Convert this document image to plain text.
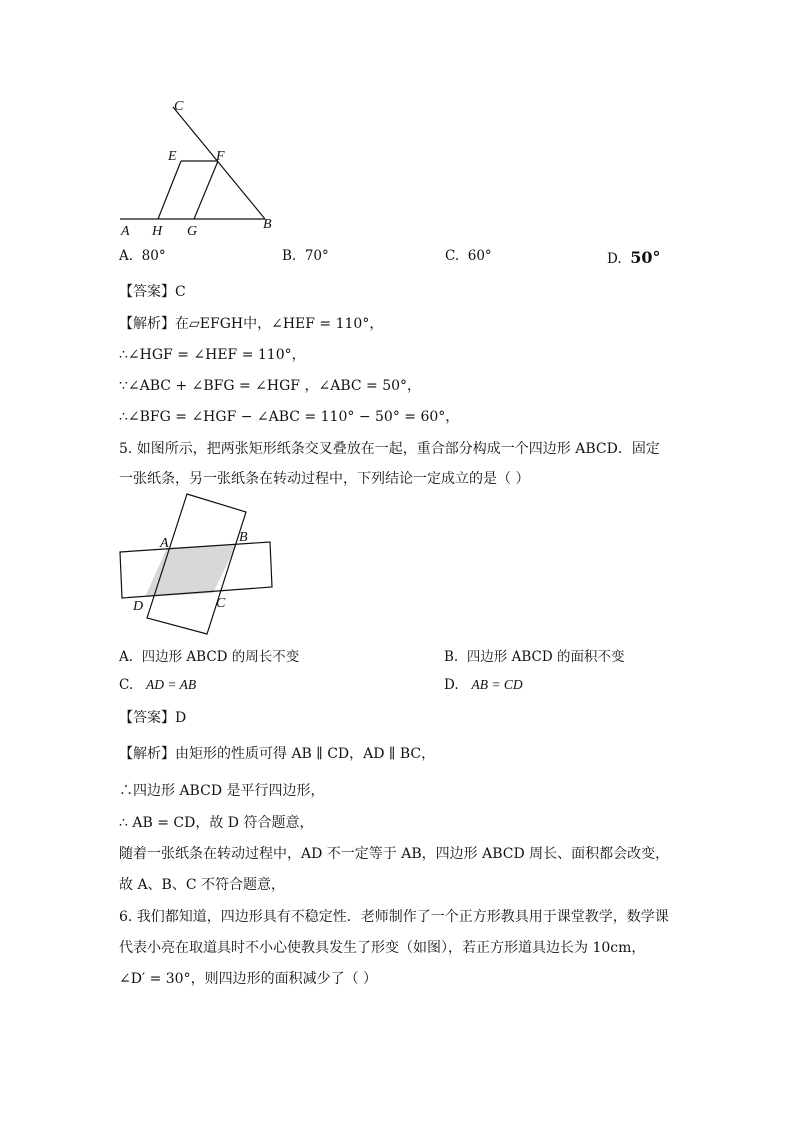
C
E	F
A H G	B
A. 80°	B. 70°	C. 60°	D. 50°
【答案】C
【解析】在▱EFGH中，∠HEF = 110°，
∴∠HGF = ∠HEF = 110°，
∵∠ABC + ∠BFG = ∠HGF ，∠ABC = 50°，
∴∠BFG = ∠HGF − ∠ABC = 110° − 50° = 60°，
5. 如图所示，把两张矩形纸条交叉叠放在一起，重合部分构成一个四边形 ABCD．固定
一张纸条，另一张纸条在转动过程中，下列结论一定成立的是（ ）
A	B
C
D
A. 四边形 ABCD 的周长不变	B. 四边形 ABCD 的面积不变
C. AD = AB	D. AB = CD
【答案】D
【解析】由矩形的性质可得 AB ∥ CD，AD ∥ BC，
∴四边形 ABCD 是平行四边形，
∴ AB = CD，故 D 符合题意，
随着一张纸条在转动过程中，AD 不一定等于 AB，四边形 ABCD 周长、面积都会改变，
故 A、B、C 不符合题意，
6. 我们都知道，四边形具有不稳定性．老师制作了一个正方形教具用于课堂教学，数学课
代表小亮在取道具时不小心使教具发生了形变（如图），若正方形道具边长为 10cm，
∠D′ = 30°，则四边形的面积减少了（ ）
